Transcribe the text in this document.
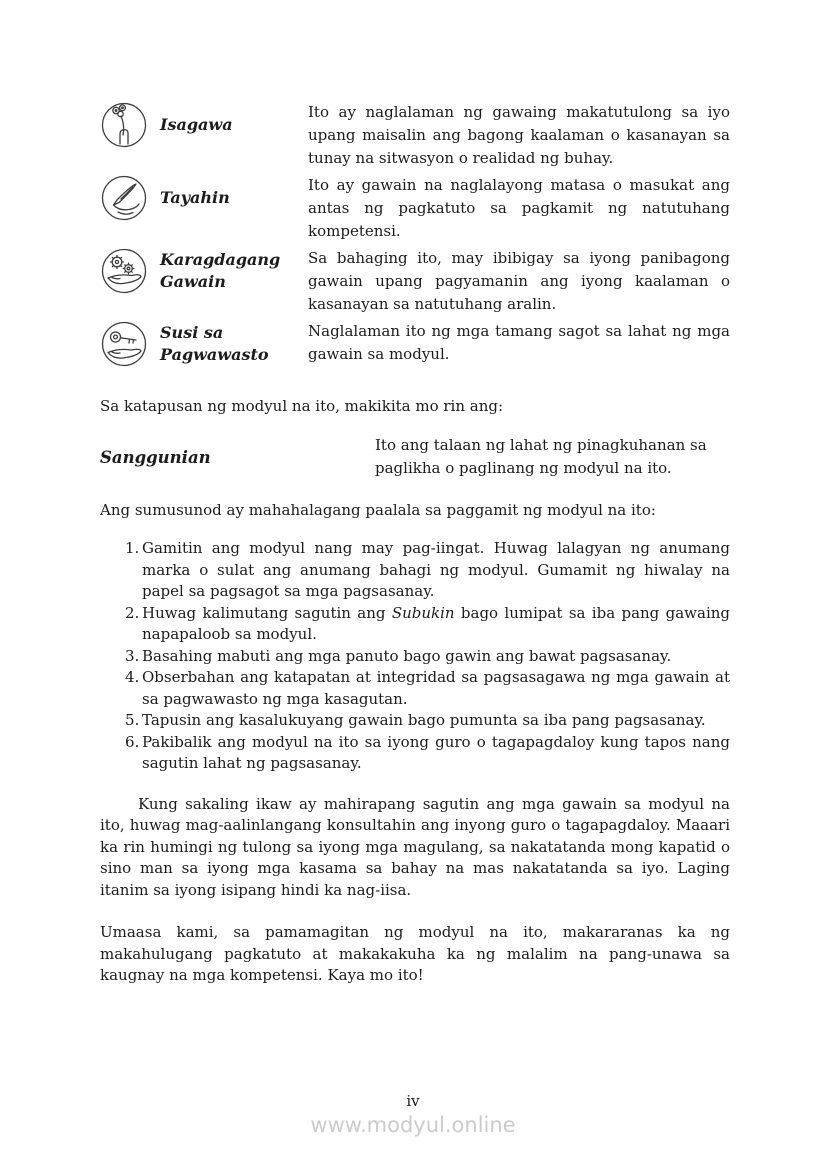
Isagawa
Ito ay naglalaman ng gawaing makatutulong sa iyo upang maisalin ang bagong kaalaman o kasanayan sa tunay na sitwasyon o realidad ng buhay.
Tayahin
Ito ay gawain na naglalayong matasa o masukat ang antas ng pagkatuto sa pagkamit ng natutuhang kompetensi.
Karagdagang Gawain
Sa bahaging ito, may ibibigay sa iyong panibagong gawain upang pagyamanin ang iyong kaalaman o kasanayan sa natutuhang aralin.
Susi sa Pagwawasto
Naglalaman ito ng mga tamang sagot sa lahat ng mga gawain sa modyul.
Sa katapusan ng modyul na ito, makikita mo rin ang:
Sanggunian
Ito ang talaan ng lahat ng pinagkuhanan sa paglikha o paglinang ng modyul na ito.
Ang sumusunod ay mahahalagang paalala sa paggamit ng modyul na ito:
1. Gamitin ang modyul nang may pag-iingat. Huwag lalagyan ng anumang marka o sulat ang anumang bahagi ng modyul. Gumamit ng hiwalay na papel sa pagsagot sa mga pagsasanay.
2. Huwag kalimutang sagutin ang Subukin bago lumipat sa iba pang gawaing napapaloob sa modyul.
3. Basahing mabuti ang mga panuto bago gawin ang bawat pagsasanay.
4. Obserbahan ang katapatan at integridad sa pagsasagawa ng mga gawain at sa pagwawasto ng mga kasagutan.
5. Tapusin ang kasalukuyang gawain bago pumunta sa iba pang pagsasanay.
6. Pakibalik ang modyul na ito sa iyong guro o tagapagdaloy kung tapos nang sagutin lahat ng pagsasanay.
Kung sakaling ikaw ay mahirapang sagutin ang mga gawain sa modyul na ito, huwag mag-aalinlangang konsultahin ang inyong guro o tagapagdaloy. Maaari ka rin humingi ng tulong sa iyong mga magulang, sa nakatatanda mong kapatid o sino man sa iyong mga kasama sa bahay na mas nakatatanda sa iyo. Laging itanim sa iyong isipang hindi ka nag-iisa.
Umaasa kami, sa pamamagitan ng modyul na ito, makararanas ka ng makahulugang pagkatuto at makakakuha ka ng malalim na pang-unawa sa kaugnay na mga kompetensi. Kaya mo ito!
iv
www.modyul.online
